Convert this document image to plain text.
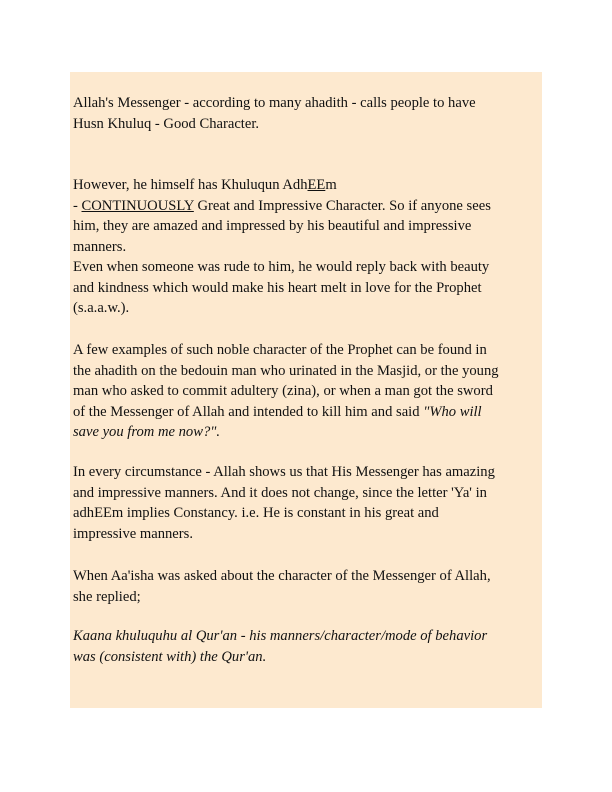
Allah's Messenger - according to many ahadith - calls people to have

Husn Khuluq - Good Character.

However, he himself has Khuluqun AdhEEm

- CONTINUOUSLY Great and Impressive Character. So if anyone sees

him, they are amazed and impressed by his beautiful and impressive

manners.

Even when someone was rude to him, he would reply back with beauty

and kindness which would make his heart melt in love for the Prophet

(s.a.a.w.).

A few examples of such noble character of the Prophet can be found in

the ahadith on the bedouin man who urinated in the Masjid, or the young

man who asked to commit adultery (zina), or when a man got the sword

of the Messenger of Allah and intended to kill him and said "Who will

save you from me now?".

In every circumstance - Allah shows us that His Messenger has amazing

and impressive manners. And it does not change, since the letter 'Ya' in

adhEEm implies Constancy. i.e. He is constant in his great and

impressive manners.

When Aa'isha was asked about the character of the Messenger of Allah,

she replied;

Kaana khuluquhu al Qur'an - his manners/character/mode of behavior

was (consistent with) the Qur'an.
